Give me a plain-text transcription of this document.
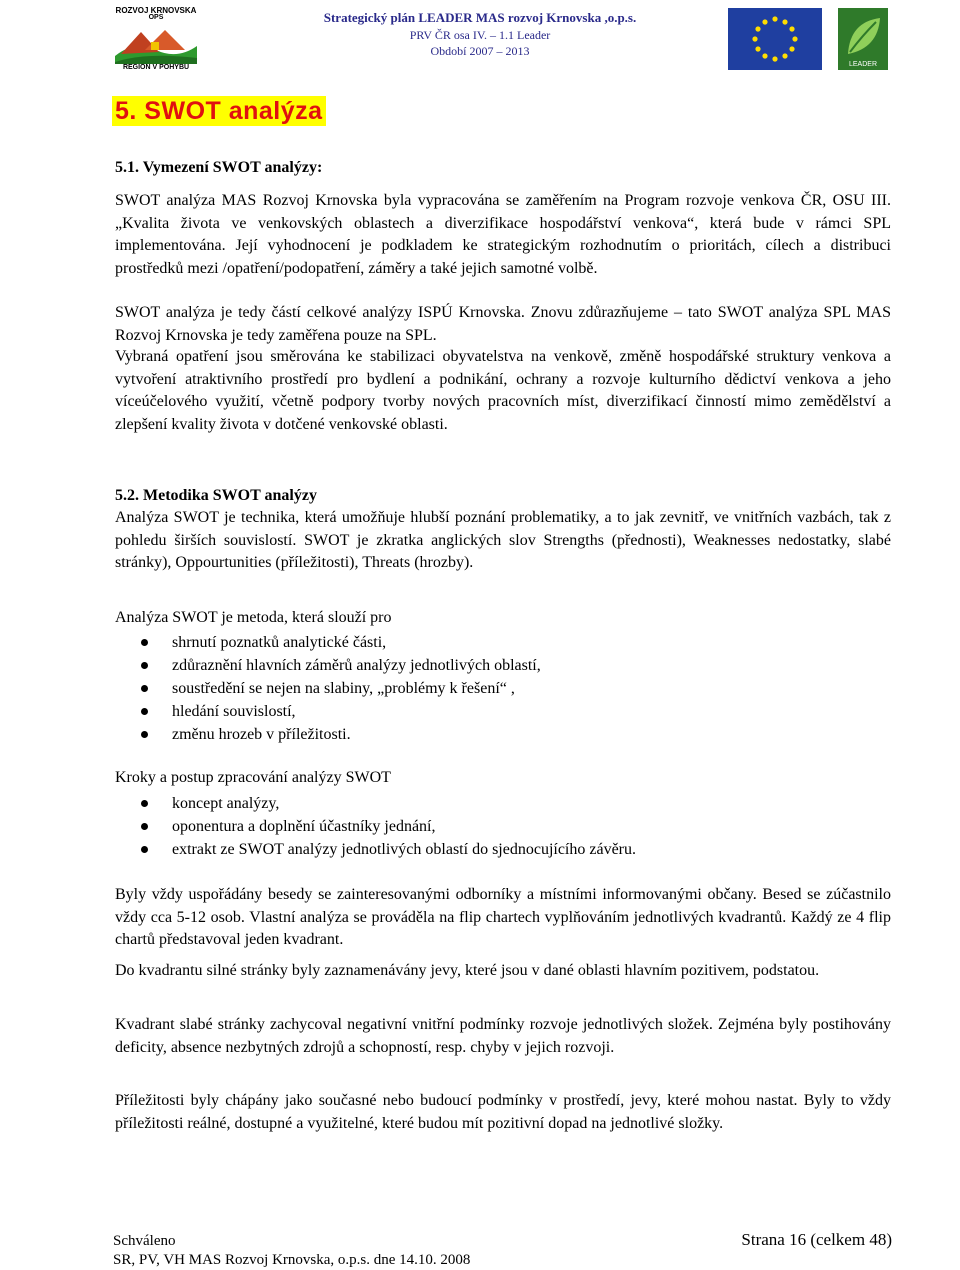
ROZVOJ KRNOVSKA
OPS
REGION V POHYBU
Strategický plán LEADER MAS rozvoj Krnovska ,o.p.s.
PRV ČR osa IV. – 1.1 Leader
Období 2007 – 2013
LEADER
5. SWOT analýza
5.1. Vymezení SWOT analýzy:

SWOT analýza MAS Rozvoj Krnovska byla vypracována se zaměřením na Program rozvoje venkova ČR, OSU III. „Kvalita života ve venkovských oblastech a diverzifikace hospodářství venkova“, která bude v rámci SPL implementována. Její vyhodnocení je podkladem ke strategickým rozhodnutím o prioritách, cílech a distribuci prostředků mezi /opatření/podopatření, záměry a také jejich samotné volbě.

SWOT analýza je tedy částí celkové analýzy ISPÚ Krnovska. Znovu zdůrazňujeme – tato SWOT analýza SPL MAS Rozvoj Krnovska je tedy zaměřena pouze na SPL.

Vybraná opatření jsou směrována ke stabilizaci obyvatelstva na venkově, změně hospodářské struktury venkova a vytvoření atraktivního prostředí pro bydlení a podnikání, ochrany a rozvoje kulturního dědictví venkova a jeho víceúčelového využití, včetně podpory tvorby nových pracovních míst, diverzifikací činností mimo zemědělství a zlepšení kvality života v dotčené venkovské oblasti.

5.2. Metodika SWOT analýzy

Analýza SWOT je technika, která umožňuje hlubší poznání problematiky, a to jak zevnitř, ve vnitřních vazbách, tak z pohledu širších souvislostí. SWOT je zkratka anglických slov Strengths (přednosti), Weaknesses nedostatky, slabé stránky), Oppourtunities (příležitosti), Threats (hrozby).

Analýza SWOT je metoda, která slouží pro
shrnutí poznatků analytické části,
zdůraznění hlavních záměrů analýzy jednotlivých oblastí,
soustředění se nejen na slabiny, „problémy k řešení“ ,
hledání souvislostí,
změnu hrozeb v příležitosti.
Kroky a postup zpracování analýzy SWOT
koncept analýzy,
oponentura a doplnění účastníky jednání,
extrakt ze SWOT analýzy jednotlivých oblastí do sjednocujícího závěru.

Byly vždy uspořádány besedy se zainteresovanými odborníky a místními informovanými občany. Besed se zúčastnilo vždy cca 5-12 osob. Vlastní analýza se prováděla na flip chartech vyplňováním jednotlivých kvadrantů. Každý ze 4 flip chartů představoval jeden kvadrant.

Do kvadrantu silné stránky byly zaznamenávány jevy, které jsou v dané oblasti hlavním pozitivem, podstatou.

Kvadrant slabé stránky zachycoval negativní vnitřní podmínky rozvoje jednotlivých složek. Zejména byly postihovány deficity, absence nezbytných zdrojů a schopností, resp. chyby v jejich rozvoji.

Příležitosti byly chápány jako současné nebo budoucí podmínky v prostředí, jevy, které mohou nastat. Byly to vždy příležitosti reálné, dostupné a využitelné, které budou mít pozitivní dopad na jednotlivé složky.

Schváleno
SR, PV, VH MAS Rozvoj Krnovska, o.p.s. dne 14.10. 2008
Strana 16 (celkem 48)
